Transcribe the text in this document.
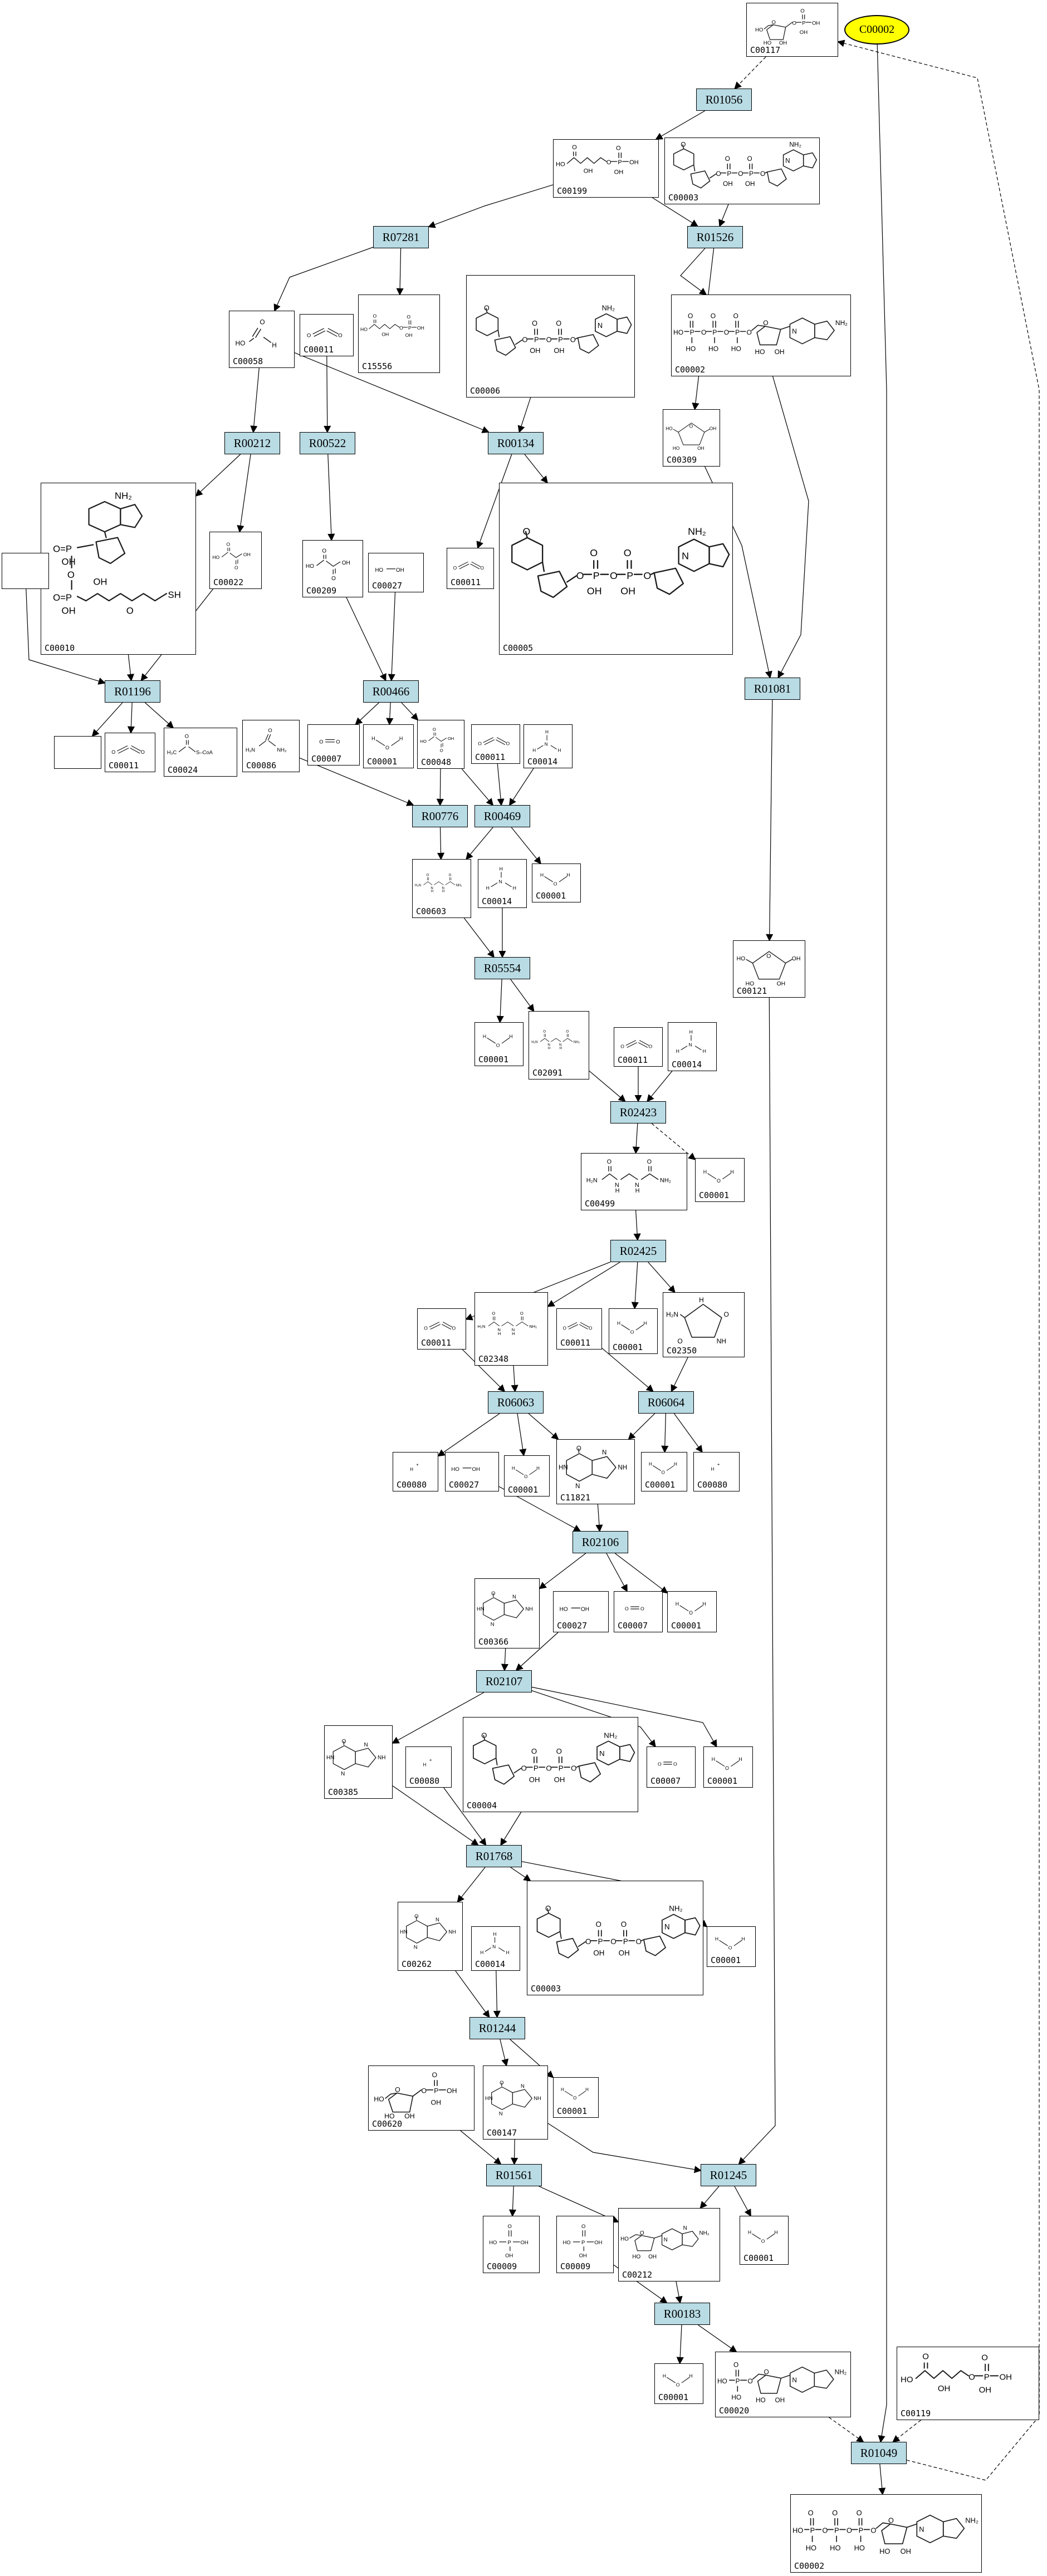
C00002
HO
O O P
O
OH
OH
HO OH
C00117
R01056
HO
O
OH
O P
O
OH
OH
C00199
O
O P
O
OH
O P
O
OH
O
NH₂
N
C00003
R07281	R01526
O
HO	H
C00058
O	O
C00011
HO
O
OH
O P
O
OH
OH
C15556
O
O P
O
OH
O P
O
OH
O
NH₂
N
C00006
HO P
O
HO
O P
O
HO
O P
O
HO
O
O
HO OH
NH₂
N
C00002
O OH
HO
HO OH
C00309
R00212	R00522	R00134
NH₂
O=P
OH
O
O=P
OH
SH
OH
O
C00010
HO
O
O
OH
C00022
HO
O
O
OH
C00209
HO OH
C00027
O	O
C00011
O
O P
O
OH
O P
O
OH
O
NH₂
N
C00005
R01081
R01196	R00466
O	O
C00011
O
H₃C	S–CoA
C00024
O
H₂N	NH₂
C00086
O O
C00007
H
O
H
C00001
HO
O
O
OH
C00048
O	O
C00011
H
N
H	H
C00014
R00776 R00469
H₂N
O
N
H
N
H
O
NH₂
C00603
H
N
H	H
C00014
H
O
H
C00001
O	OH
HO
HO	OH
C00121
R05554
H
O
H
C00001
H₂N
O
N
H
N
H
O
NH₂
C02091
O	O
C00011
H
N
H	H
C00014
R02423
H₂N
O
N
H
N
H
O
NH₂
C00499
H
O
H
C00001
R02425
O	O
C00011
H₂N
O
N
H
N
H
O
NH₂
C02348
O	O
C00011
H
O
H
C00001
H₂N	O
NH
O
H
C02350
R06063	R06064
H
+
C00080
HO OH
C00027
H
O
H
C00001
HN
O
NH
N
N
C11821
H
O
H
C00001
H
+
C00080
R02106
HN
O
NH
N
N
C00366
HO OH
C00027
O O
C00007
H
O
H
C00001
R02107
HN
O
NH
N
N
C00385
H
+
C00080
O
O P
O
OH
O P
O
OH
O
NH₂
N
C00004
O O
C00007
H
O
H
C00001
R01768
HN
O
NH
N
N
C00262
H
N
H	H
C00014
O
O P
O
OH
O P
O
OH
O
NH₂
N
C00003
H
O
H
C00001
R01244
HO
O	O P
O
OH
OH
HO OH
C00620
HN
O
NH
N
N
C00147
H
O
H
C00001
R01561	R01245
O
HO P OH
OH
C00009
O
HO P OH
OH
C00009
HO
O
HO OH
NH₂
N
N
C00212
H
O
H
C00001
R00183
H
O
H
C00001
HO P
O
HO
O
O
HO OH
NH₂
N
C00020
HO
O
OH
O P
O
OH
OH
C00119
R01049
HO P
O
HO
O P
O
HO
O P
O
HO
O
O
HO OH
NH₂
N
C00002
